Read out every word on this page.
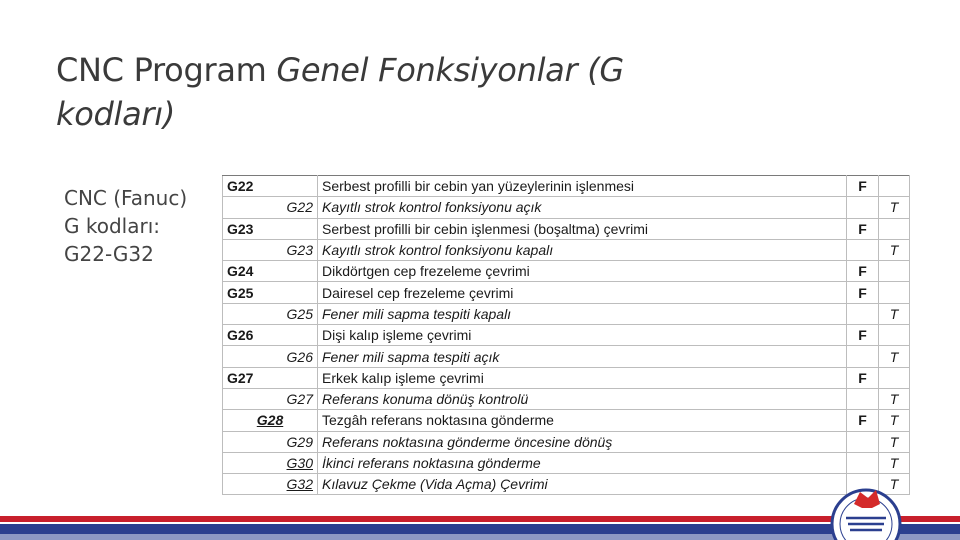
CNC Program Genel Fonksiyonlar (G
kodları)
CNC (Fanuc)
G kodları:
G22-G32
G22	Serbest profilli bir cebin yan yüzeylerinin işlenmesi	F	
G22	Kayıtlı strok kontrol fonksiyonu açık		T
G23	Serbest profilli bir cebin işlenmesi (boşaltma) çevrimi	F	
G23	Kayıtlı strok kontrol fonksiyonu kapalı		T
G24	Dikdörtgen cep frezeleme çevrimi	F	
G25	Dairesel cep frezeleme çevrimi	F	
G25	Fener mili sapma tespiti kapalı		T
G26	Dişi kalıp işleme çevrimi	F	
G26	Fener mili sapma tespiti açık		T
G27	Erkek kalıp işleme çevrimi	F	
G27	Referans konuma dönüş kontrolü		T
G28	Tezgâh referans noktasına gönderme	F	T
G29	Referans noktasına gönderme öncesine dönüş		T
G30	İkinci referans noktasına gönderme		T
G32	Kılavuz Çekme (Vida Açma) Çevrimi		T
